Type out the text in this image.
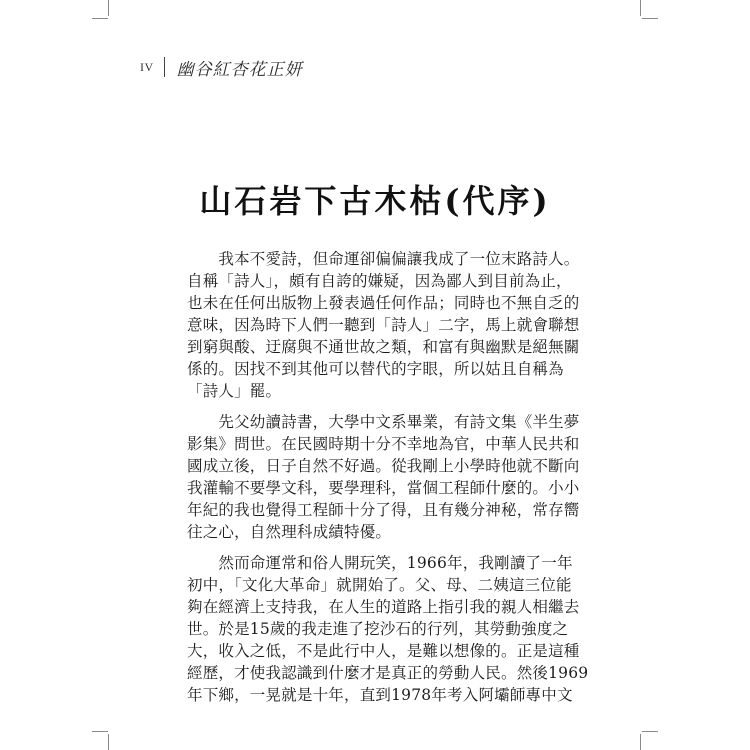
IV 幽谷紅杏花正妍
山石岩下古木枯(代序)
　　我本不愛詩，但命運卻偏偏讓我成了一位末路詩人。
自稱「詩人」，頗有自誇的嫌疑，因為鄙人到目前為止，
也未在任何出版物上發表過任何作品；同時也不無自乏的
意味，因為時下人們一聽到「詩人」二字，馬上就會聯想
到窮與酸、迂腐與不通世故之類，和富有與幽默是絕無關
係的。因找不到其他可以替代的字眼，所以姑且自稱為
「詩人」罷。
　　先父幼讀詩書，大學中文系畢業，有詩文集《半生夢
影集》問世。在民國時期十分不幸地為官，中華人民共和
國成立後，日子自然不好過。從我剛上小學時他就不斷向
我灌輸不要學文科，要學理科，當個工程師什麼的。小小
年紀的我也覺得工程師十分了得，且有幾分神秘，常存嚮
往之心，自然理科成績特優。
　　然而命運常和俗人開玩笑，1966年，我剛讀了一年
初中，「文化大革命」就開始了。父、母、二姨這三位能
夠在經濟上支持我，在人生的道路上指引我的親人相繼去
世。於是15歲的我走進了挖沙石的行列，其勞動強度之
大，收入之低，不是此行中人，是難以想像的。正是這種
經歷，才使我認識到什麼才是真正的勞動人民。然後1969
年下鄉，一晃就是十年，直到1978年考入阿壩師專中文
